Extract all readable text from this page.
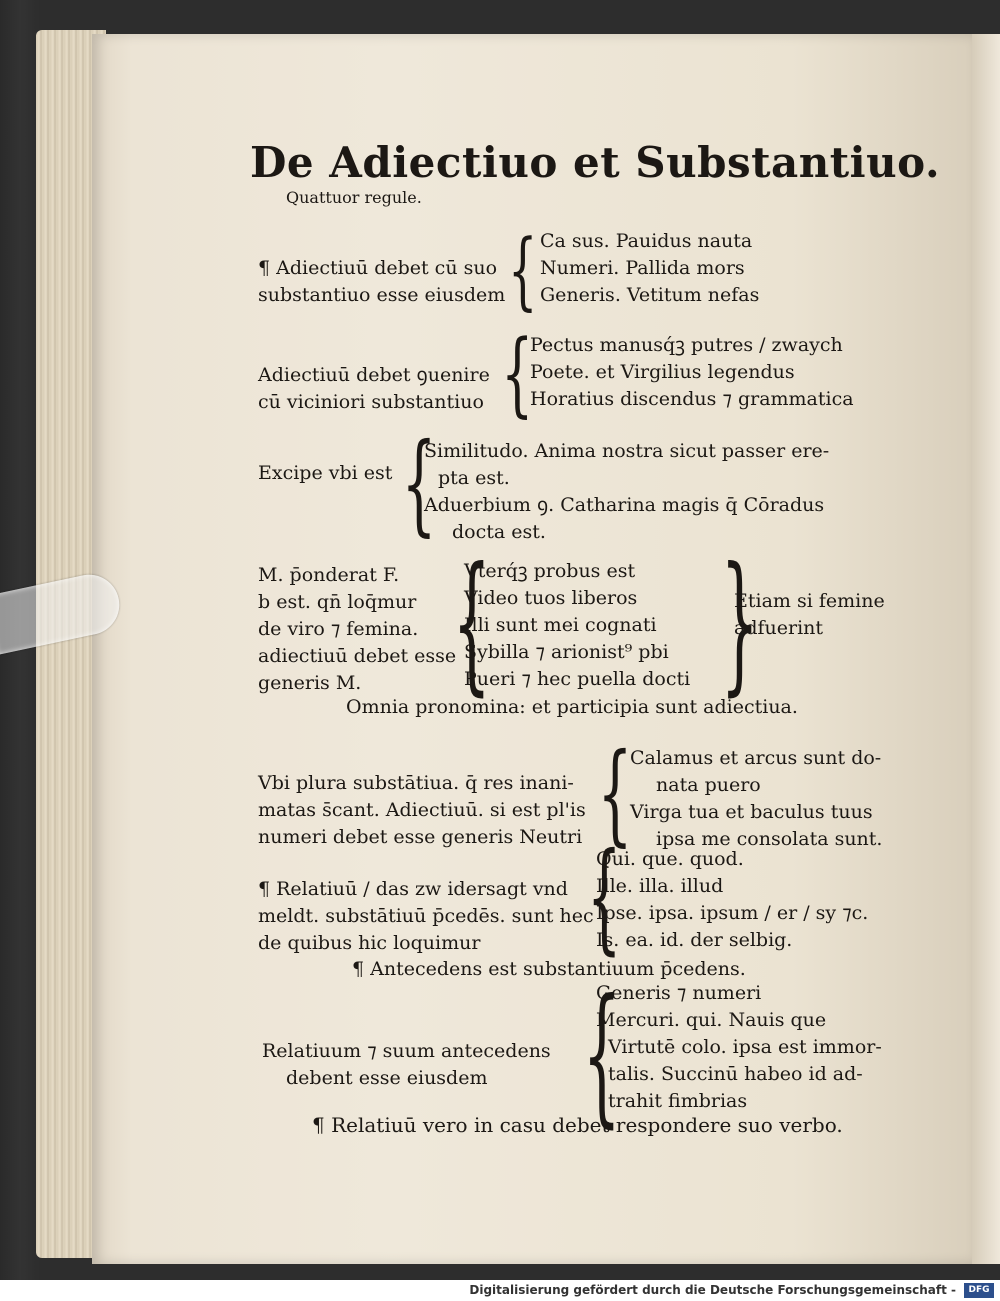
De Adiectiuo et Substantiuo.
Quattuor regule.
¶ Adiectiuū debet cū suo
substantiuo esse eiusdem { Ca sus. Pauidus nauta
Numeri. Pallida mors
Generis. Vetitum nefas
Adiectiuū debet ꝯuenire
cū viciniori substantiuo {
Pectus manusq́ꝫ putres / zwaych
Poete. et Virgilius legendus
Horatius discendus ⁊ grammatica
Excipe vbi est {
Similitudo. Anima nostra sicut passer ere-
pta est.
Aduerbium ꝯ. Catharina magis q̄ Cōradus
docta est.
M. p̄onderat F.
b est. qn̄ loq̄mur
de viro ⁊ femina.
adiectiuū debet esse
generis M. {
Vterq́ꝫ probus est
Video tuos liberos
Illi sunt mei cognati
Sybilla ⁊ arionist⁹ pbi
Pueri ⁊ hec puella docti }
Etiam si femine
adfuerint
Omnia pronomina: et participia sunt adiectiua.
Vbi plura substātiua. q̄ res inani-
matas s̄cant. Adiectiuū. si est pl'is
numeri debet esse generis Neutri {
Calamus et arcus sunt do-
nata puero
Virga tua et baculus tuus
ipsa me consolata sunt.
¶ Relatiuū / das zw idersagt vnd
meldt. substātiuū p̄cedēs. sunt hec
de quibus hic loquimur {
Qui. que. quod.
Ille. illa. illud
Ipse. ipsa. ipsum / er / sy ⁊c.
Is. ea. id. der selbig.
¶ Antecedens est substantiuum p̄cedens.
Relatiuum ⁊ suum antecedens
debent esse eiusdem {
Generis ⁊ numeri
Mercuri. qui. Nauis que
Virtutē colo. ipsa est immor-
talis. Succinū habeo id ad-
trahit fimbrias
¶ Relatiuū vero in casu debet respondere suo verbo.
Digitalisierung gefördert durch die Deutsche Forschungsgemeinschaft -	DFG
